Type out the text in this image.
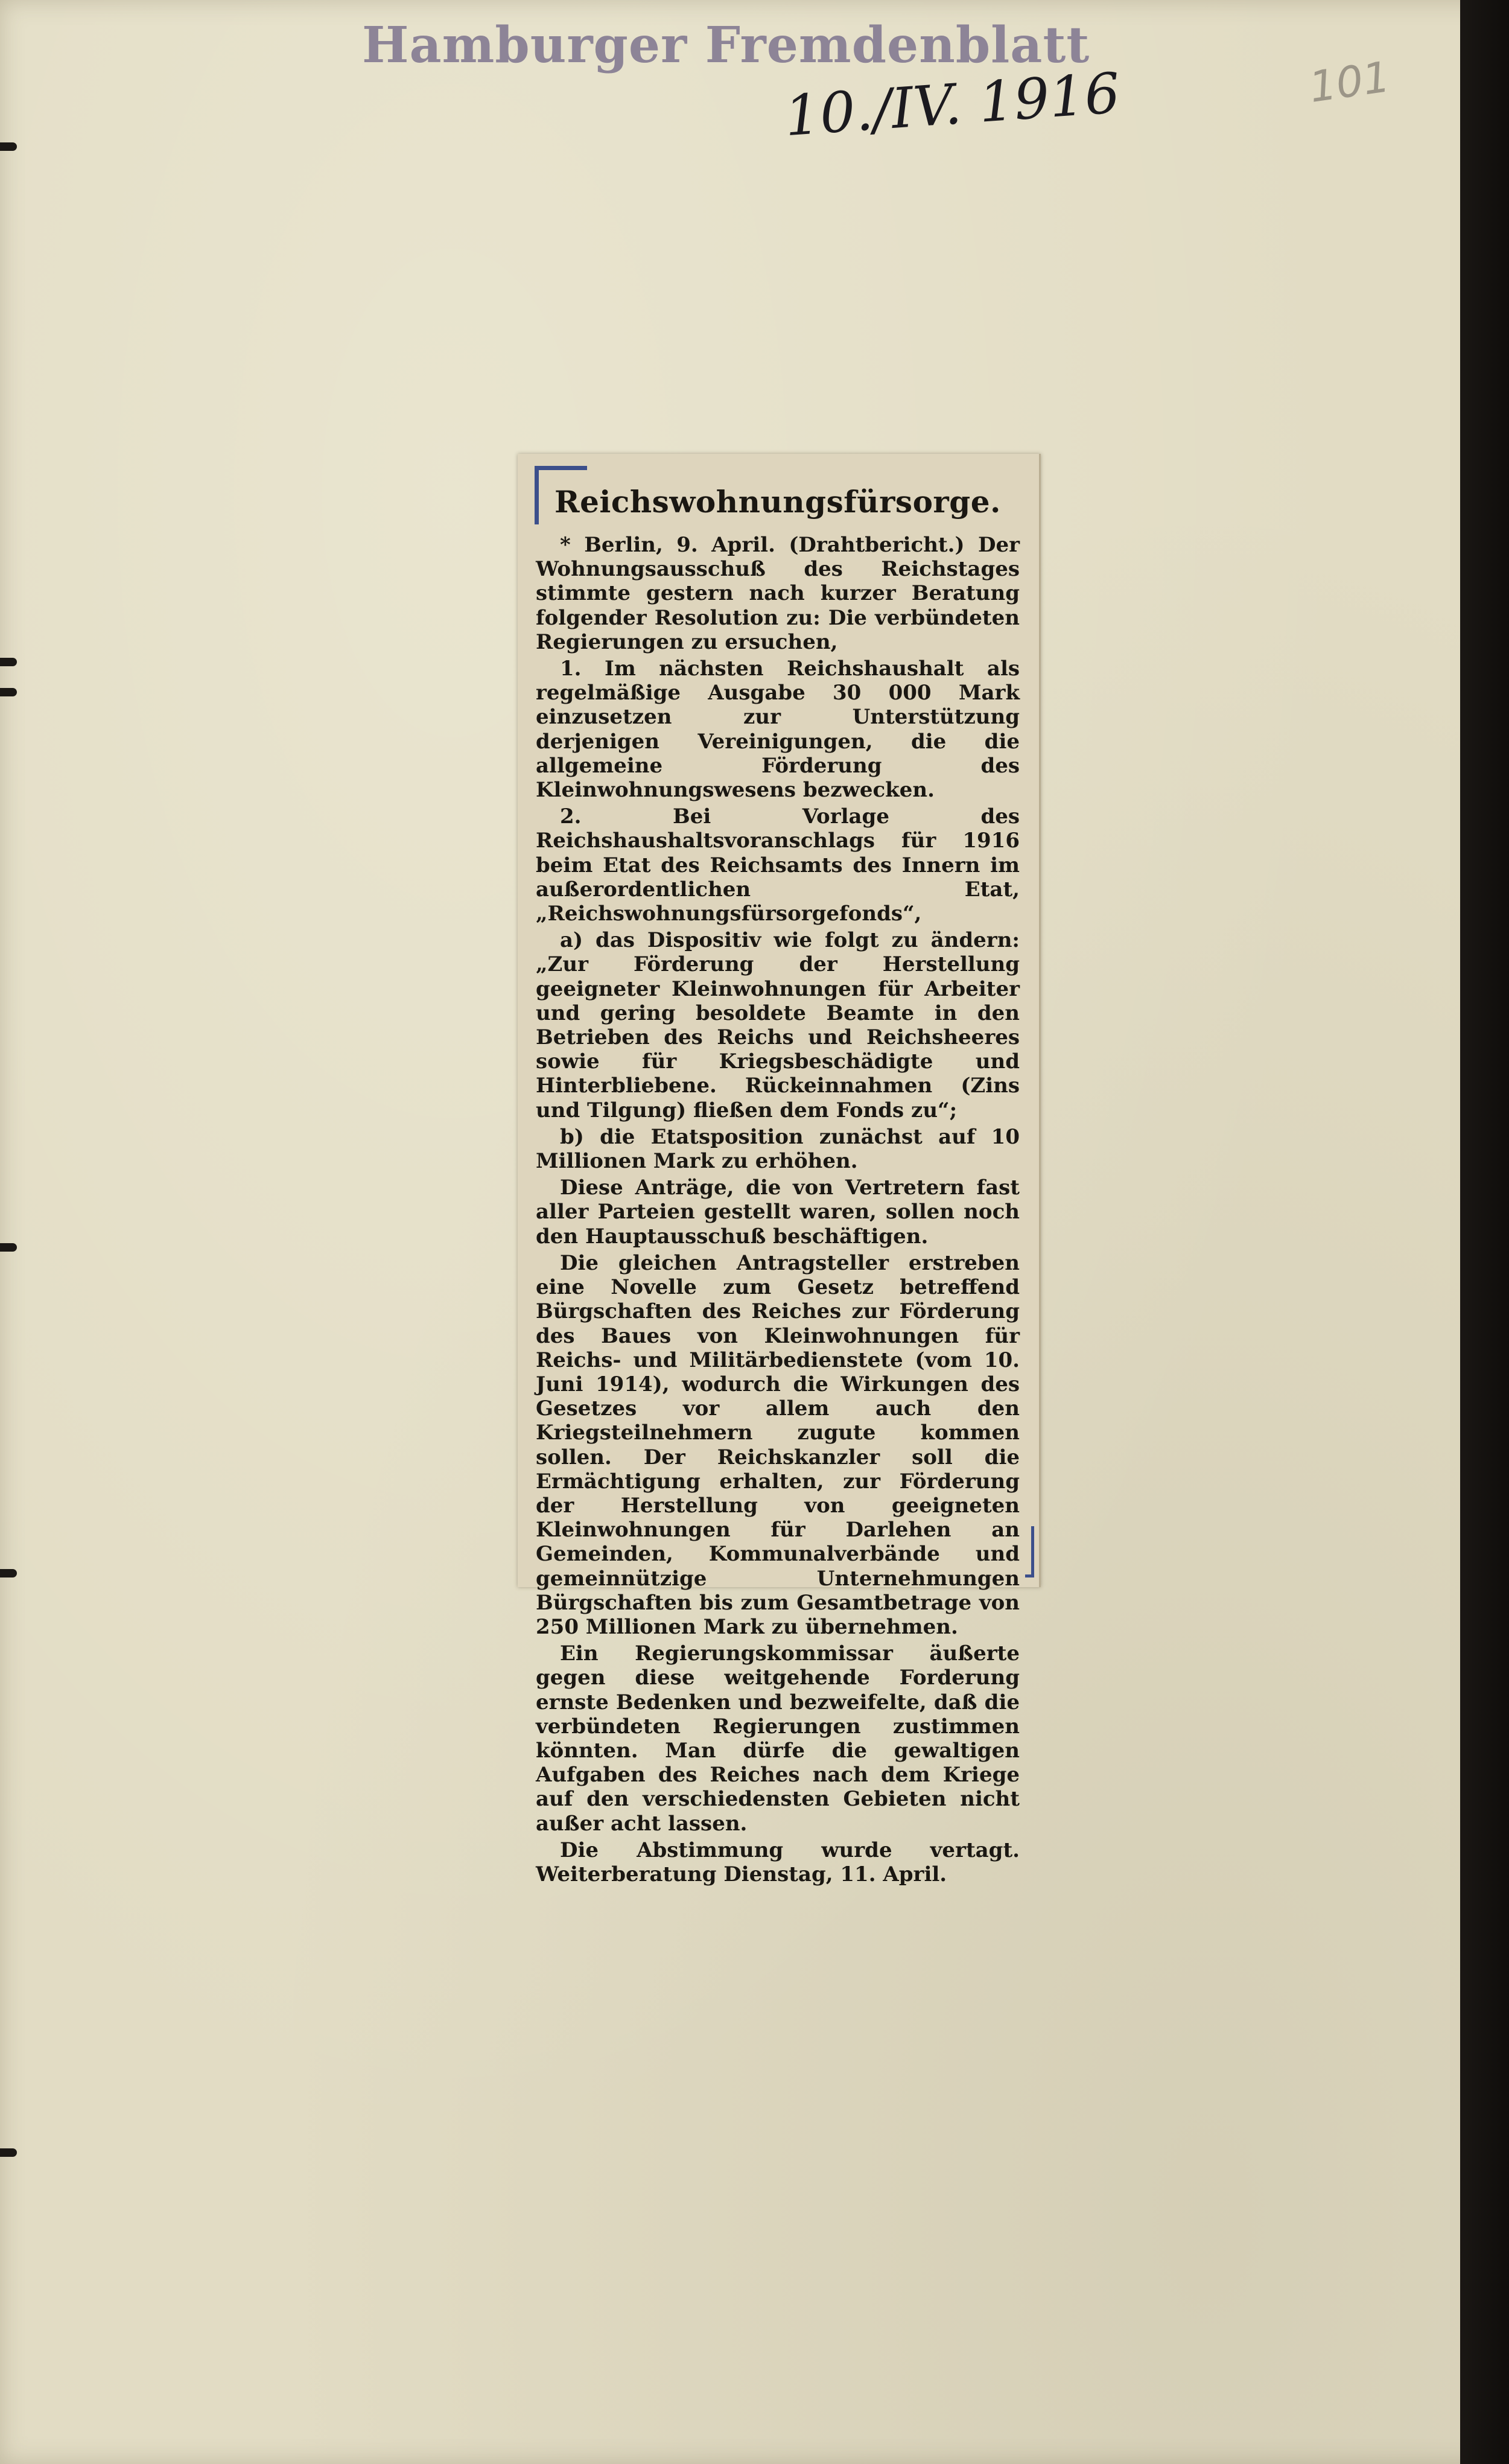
Hamburger Fremdenblatt
10./IV. 1916	101
Reichswohnungsfürsorge.

* Berlin, 9. April. (Drahtbericht.) Der Wohnungsausschuß des Reichstages stimmte gestern nach kurzer Beratung folgender Resolution zu: Die verbündeten Regierungen zu ersuchen,

1. Im nächsten Reichshaushalt als regelmäßige Ausgabe 30 000 Mark einzusetzen zur Unterstützung derjenigen Vereinigungen, die die allgemeine Förderung des Kleinwohnungswesens bezwecken.

2. Bei Vorlage des Reichshaushaltsvoranschlags für 1916 beim Etat des Reichsamts des Innern im außerordentlichen Etat, „Reichswohnungsfürsorgefonds“,

a) das Dispositiv wie folgt zu ändern: „Zur Förderung der Herstellung geeigneter Kleinwohnungen für Arbeiter und gering besoldete Beamte in den Betrieben des Reichs und Reichsheeres sowie für Kriegsbeschädigte und Hinterbliebene. Rückeinnahmen (Zins und Tilgung) fließen dem Fonds zu“;

b) die Etatsposition zunächst auf 10 Millionen Mark zu erhöhen.

Diese Anträge, die von Vertretern fast aller Parteien gestellt waren, sollen noch den Hauptausschuß beschäftigen.

Die gleichen Antragsteller erstreben eine Novelle zum Gesetz betreffend Bürgschaften des Reiches zur Förderung des Baues von Kleinwohnungen für Reichs- und Militärbedienstete (vom 10. Juni 1914), wodurch die Wirkungen des Gesetzes vor allem auch den Kriegsteilnehmern zugute kommen sollen. Der Reichskanzler soll die Ermächtigung erhalten, zur Förderung der Herstellung von geeigneten Kleinwohnungen für Darlehen an Gemeinden, Kommunalverbände und gemeinnützige Unternehmungen Bürgschaften bis zum Gesamtbetrage von 250 Millionen Mark zu übernehmen.

Ein Regierungskommissar äußerte gegen diese weitgehende Forderung ernste Bedenken und bezweifelte, daß die verbündeten Regierungen zustimmen könnten. Man dürfe die gewaltigen Aufgaben des Reiches nach dem Kriege auf den verschiedensten Gebieten nicht außer acht lassen.

Die Abstimmung wurde vertagt. Weiterberatung Dienstag, 11. April.
